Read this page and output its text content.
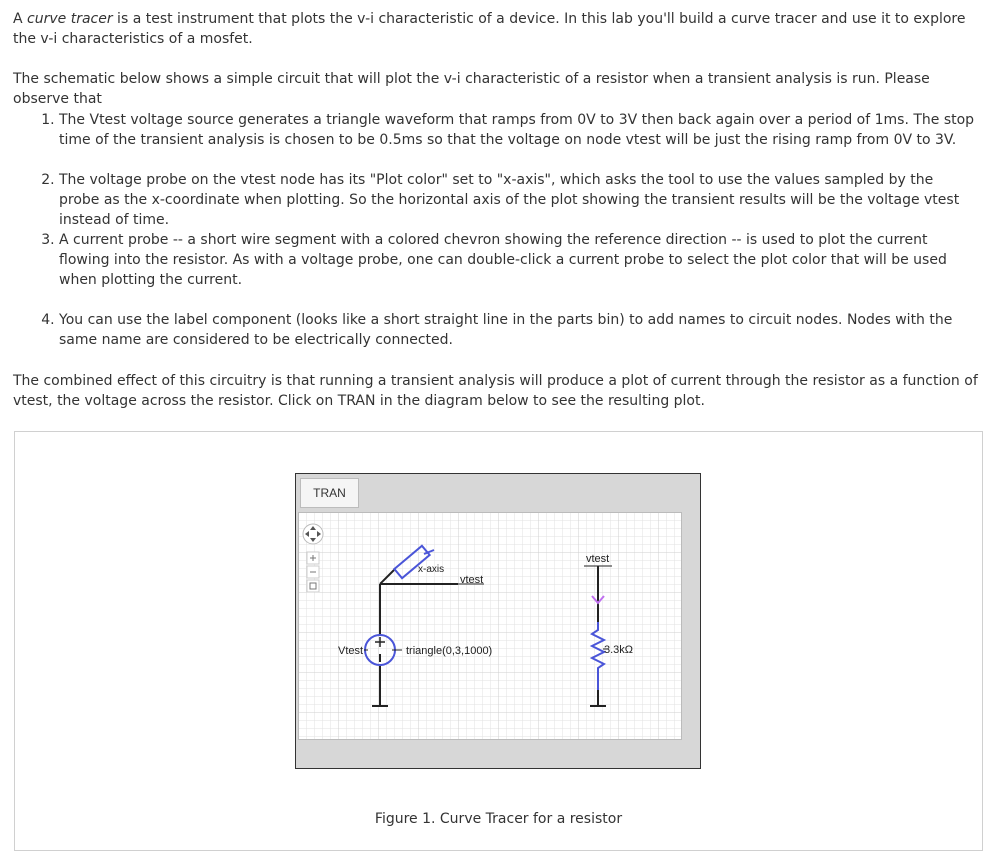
A curve tracer is a test instrument that plots the v-i characteristic of a device. In this lab you'll build a curve tracer and use it to explore the v-i characteristics of a mosfet.

The schematic below shows a simple circuit that will plot the v-i characteristic of a resistor when a transient analysis is run. Please observe that

1. The Vtest voltage source generates a triangle waveform that ramps from 0V to 3V then back again over a period of 1ms. The stop time of the transient analysis is chosen to be 0.5ms so that the voltage on node vtest will be just the rising ramp from 0V to 3V.
2. The voltage probe on the vtest node has its "Plot color" set to "x-axis", which asks the tool to use the values sampled by the probe as the x-coordinate when plotting. So the horizontal axis of the plot showing the transient results will be the voltage vtest instead of time.
3. A current probe -- a short wire segment with a colored chevron showing the reference direction -- is used to plot the current flowing into the resistor. As with a voltage probe, one can double-click a current probe to select the plot color that will be used when plotting the current.
4. You can use the label component (looks like a short straight line in the parts bin) to add names to circuit nodes. Nodes with the same name are considered to be electrically connected.

The combined effect of this circuitry is that running a transient analysis will produce a plot of current through the resistor as a function of vtest, the voltage across the resistor. Click on TRAN in the diagram below to see the resulting plot.

TRAN
x-axis
vtest
Vtest	triangle(0,3,1000)
vtest
3.3kΩ
Figure 1. Curve Tracer for a resistor
